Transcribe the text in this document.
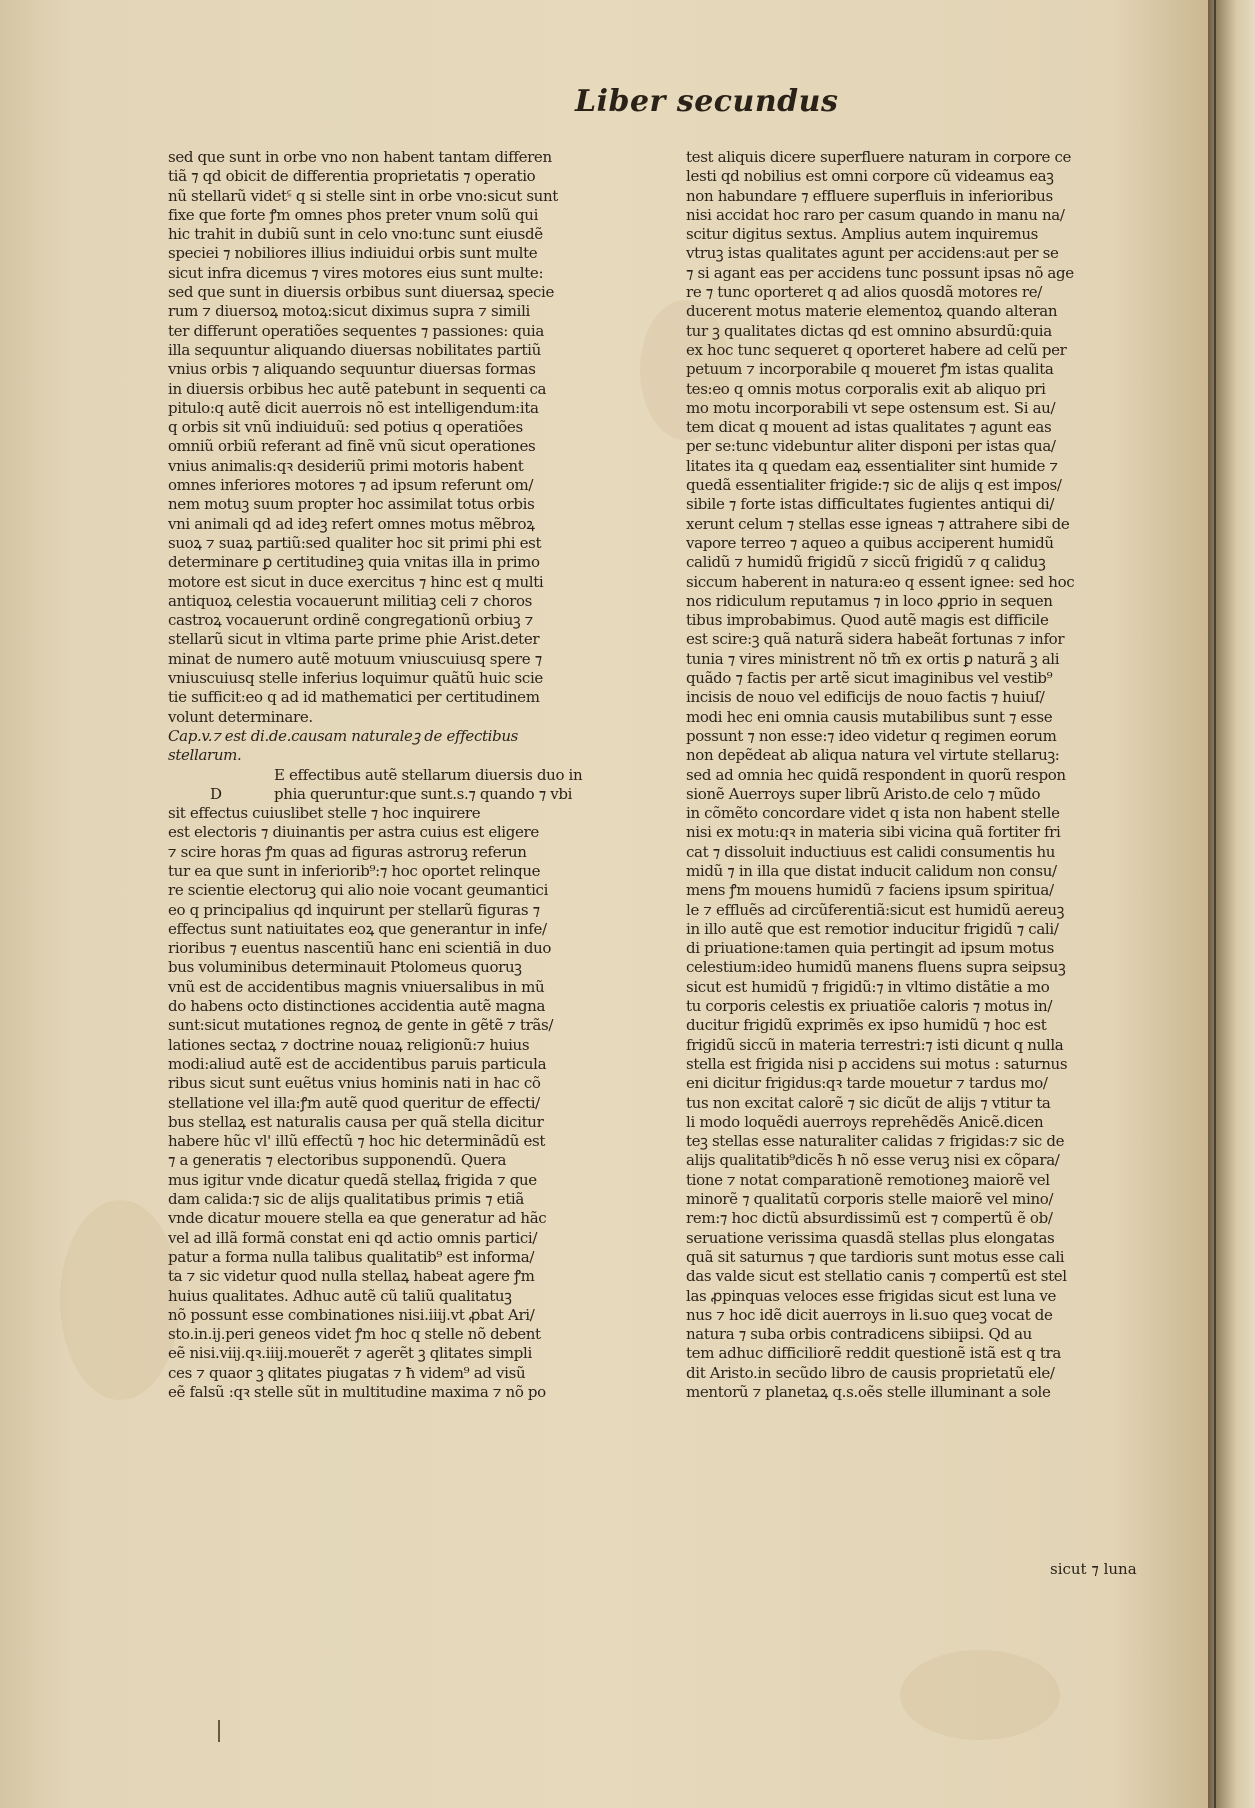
Liber secundus
sed que sunt in orbe vno non habent tantam differen
tiã ⁊ qd obicit de differentia proprietatis ⁊ operatio
nũ stellarũ videt꜃ q si stelle sint in orbe vno:sicut sunt
fixe que forte ꝭm omnes phos preter vnum solũ qui
hic trahit in dubiũ sunt in celo vno:tunc sunt eiusdẽ
speciei ⁊ nobiliores illius indiuidui orbis sunt multe
sicut infra dicemus ⁊ vires motores eius sunt multe:
sed que sunt in diuersis orbibus sunt diuersaꝝ specie
rum ⁊ diuersoꝝ motoꝝ:sicut diximus supra ⁊ simili
ter differunt operatiões sequentes ⁊ passiones: quia
illa sequuntur aliquando diuersas nobilitates partiũ
vnius orbis ⁊ aliquando sequuntur diuersas formas
in diuersis orbibus hec autẽ patebunt in sequenti ca
pitulo:q autẽ dicit auerrois nõ est intelligendum:ita
q orbis sit vnũ indiuiduũ: sed potius q operatiões
omniũ orbiũ referant ad finẽ vnũ sicut operationes
vnius animalis:qꝛ desideriũ primi motoris habent
omnes inferiores motores ⁊ ad ipsum referunt om/
nem motuꝫ suum propter hoc assimilat totus orbis
vni animali qd ad ideꝫ refert omnes motus mẽbroꝝ
suoꝝ ⁊ suaꝝ partiũ:sed qualiter hoc sit primi phi est
determinare ꝑ certitudineꝫ quia vnitas illa in primo
motore est sicut in duce exercitus ⁊ hinc est q multi
antiquoꝝ celestia vocauerunt militiaꝫ celi ⁊ choros
castroꝝ vocauerunt ordinẽ congregationũ orbiuꝫ ⁊
stellarũ sicut in vltima parte prime phie Arist.deter
minat de numero autẽ motuum vniuscuiusq spere ⁊
vniuscuiusq stelle inferius loquimur quãtũ huic scie
tie sufficit:eo q ad id mathematici per certitudinem
volunt determinare.
Cap.v.⁊ est di.de.causam naturaleꝫ de effectibus
stellarum.
E effectibus autẽ stellarum diuersis duo in
D	phia queruntur:que sunt.s.⁊ quando ⁊ vbi
sit effectus cuiuslibet stelle ⁊ hoc inquirere
est electoris ⁊ diuinantis per astra cuius est eligere
⁊ scire horas ꝭm quas ad figuras astroruꝫ referun
tur ea que sunt in inferiorib⁹:⁊ hoc oportet relinque
re scientie electoruꝫ qui alio noie vocant geumantici
eo q principalius qd inquirunt per stellarũ figuras ⁊
effectus sunt natiuitates eoꝝ que generantur in infe/
rioribus ⁊ euentus nascentiũ hanc eni scientiã in duo
bus voluminibus determinauit Ptolomeus quoruꝫ
vnũ est de accidentibus magnis vniuersalibus in mũ
do habens octo distinctiones accidentia autẽ magna
sunt:sicut mutationes regnoꝝ de gente in gẽtẽ ⁊ trãs/
lationes sectaꝝ ⁊ doctrine nouaꝝ religionũ:⁊ huius
modi:aliud autẽ est de accidentibus paruis particula
ribus sicut sunt euẽtus vnius hominis nati in hac cõ
stellatione vel illa:ꝭm autẽ quod queritur de effecti/
bus stellaꝝ est naturalis causa per quã stella dicitur
habere hũc vl' illũ effectũ ⁊ hoc hic determinãdũ est
⁊ a generatis ⁊ electoribus supponendũ. Quera
mus igitur vnde dicatur quedã stellaꝝ frigida ⁊ que
dam calida:⁊ sic de alijs qualitatibus primis ⁊ etiã
vnde dicatur mouere stella ea que generatur ad hãc
vel ad illã formã constat eni qd actio omnis partici/
patur a forma nulla talibus qualitatib⁹ est informa/
ta ⁊ sic videtur quod nulla stellaꝝ habeat agere ꝭm
huius qualitates. Adhuc autẽ cũ taliũ qualitatuꝫ
nõ possunt esse combinationes nisi.iiij.vt ꝓbat Ari/
sto.in.ij.peri geneos videt ꝭm hoc q stelle nõ debent
eẽ nisi.viij.qꝛ.iiij.mouerẽt ⁊ agerẽt ꝫ qlitates simpli
ces ⁊ quaor ꝫ qlitates piugatas ⁊ ħ videm⁹ ad visũ
eẽ falsũ :qꝛ stelle sũt in multitudine maxima ⁊ nõ po
test aliquis dicere superfluere naturam in corpore ce
lesti qd nobilius est omni corpore cũ videamus eaꝫ
non habundare ⁊ effluere superfluis in inferioribus
nisi accidat hoc raro per casum quando in manu na/
scitur digitus sextus. Amplius autem inquiremus
vtruꝫ istas qualitates agunt per accidens:aut per se
⁊ si agant eas per accidens tunc possunt ipsas nõ age
re ⁊ tunc oporteret q ad alios quosdã motores re/
ducerent motus materie elementoꝝ quando alteran
tur ꝫ qualitates dictas qd est omnino absurdũ:quia
ex hoc tunc sequeret q oporteret habere ad celũ per
petuum ⁊ incorporabile q moueret ꝭm istas qualita
tes:eo q omnis motus corporalis exit ab aliquo pri
mo motu incorporabili vt sepe ostensum est. Si au/
tem dicat q mouent ad istas qualitates ⁊ agunt eas
per se:tunc videbuntur aliter disponi per istas qua/
litates ita q quedam eaꝝ essentialiter sint humide ⁊
quedã essentialiter frigide:⁊ sic de alijs q est impos/
sibile ⁊ forte istas difficultates fugientes antiqui di/
xerunt celum ⁊ stellas esse igneas ⁊ attrahere sibi de
vapore terreo ⁊ aqueo a quibus acciperent humidũ
calidũ ⁊ humidũ frigidũ ⁊ siccũ frigidũ ⁊ q caliduꝫ
siccum haberent in natura:eo q essent ignee: sed hoc
nos ridiculum reputamus ⁊ in loco ꝓprio in sequen
tibus improbabimus. Quod autẽ magis est difficile
est scire:ꝫ quã naturã sidera habeãt fortunas ⁊ infor
tunia ⁊ vires ministrent nõ tm̃ ex ortis ꝑ naturã ꝫ ali
quãdo ⁊ factis per artẽ sicut imaginibus vel vestib⁹
incisis de nouo vel edificijs de nouo factis ⁊ huiuſ/
modi hec eni omnia causis mutabilibus sunt ⁊ esse
possunt ⁊ non esse:⁊ ideo videtur q regimen eorum
non depẽdeat ab aliqua natura vel virtute stellaruꝫ:
sed ad omnia hec quidã respondent in quorũ respon
sionẽ Auerroys super librũ Aristo.de celo ⁊ mũdo
in cõmẽto concordare videt q ista non habent stelle
nisi ex motu:qꝛ in materia sibi vicina quã fortiter fri
cat ⁊ dissoluit inductiuus est calidi consumentis hu
midũ ⁊ in illa que distat inducit calidum non consu/
mens ꝭm mouens humidũ ⁊ faciens ipsum spiritua/
le ⁊ effluẽs ad circũferentiã:sicut est humidũ aereuꝫ
in illo autẽ que est remotior inducitur frigidũ ⁊ cali/
di priuatione:tamen quia pertingit ad ipsum motus
celestium:ideo humidũ manens fluens supra seipsuꝫ
sicut est humidũ ⁊ frigidũ:⁊ in vltimo distãtie a mo
tu corporis celestis ex priuatiõe caloris ⁊ motus in/
ducitur frigidũ exprimẽs ex ipso humidũ ⁊ hoc est
frigidũ siccũ in materia terrestri:⁊ isti dicunt q nulla
stella est frigida nisi p accidens sui motus : saturnus
eni dicitur frigidus:qꝛ tarde mouetur ⁊ tardus mo/
tus non excitat calorẽ ⁊ sic dicũt de alijs ⁊ vtitur ta
li modo loquẽdi auerroys reprehẽdẽs Anicẽ.dicen
teꝫ stellas esse naturaliter calidas ⁊ frigidas:⁊ sic de
alijs qualitatib⁹dicẽs ħ nõ esse veruꝫ nisi ex cõpara/
tione ⁊ notat comparationẽ remotioneꝫ maiorẽ vel
minorẽ ⁊ qualitatũ corporis stelle maiorẽ vel mino/
rem:⁊ hoc dictũ absurdissimũ est ⁊ compertũ ẽ ob/
seruatione verissima quasdã stellas plus elongatas
quã sit saturnus ⁊ que tardioris sunt motus esse cali
das valde sicut est stellatio canis ⁊ compertũ est stel
las ꝓpinquas veloces esse frigidas sicut est luna ve
nus ⁊ hoc idẽ dicit auerroys in li.suo queꝫ vocat de
natura ⁊ suba orbis contradicens sibiipsi. Qd au
tem adhuc difficiliorẽ reddit questionẽ istã est q tra
dit Aristo.in secũdo libro de causis proprietatũ ele/
mentorũ ⁊ planetaꝝ q.s.oẽs stelle illuminant a sole
sicut ⁊ luna
